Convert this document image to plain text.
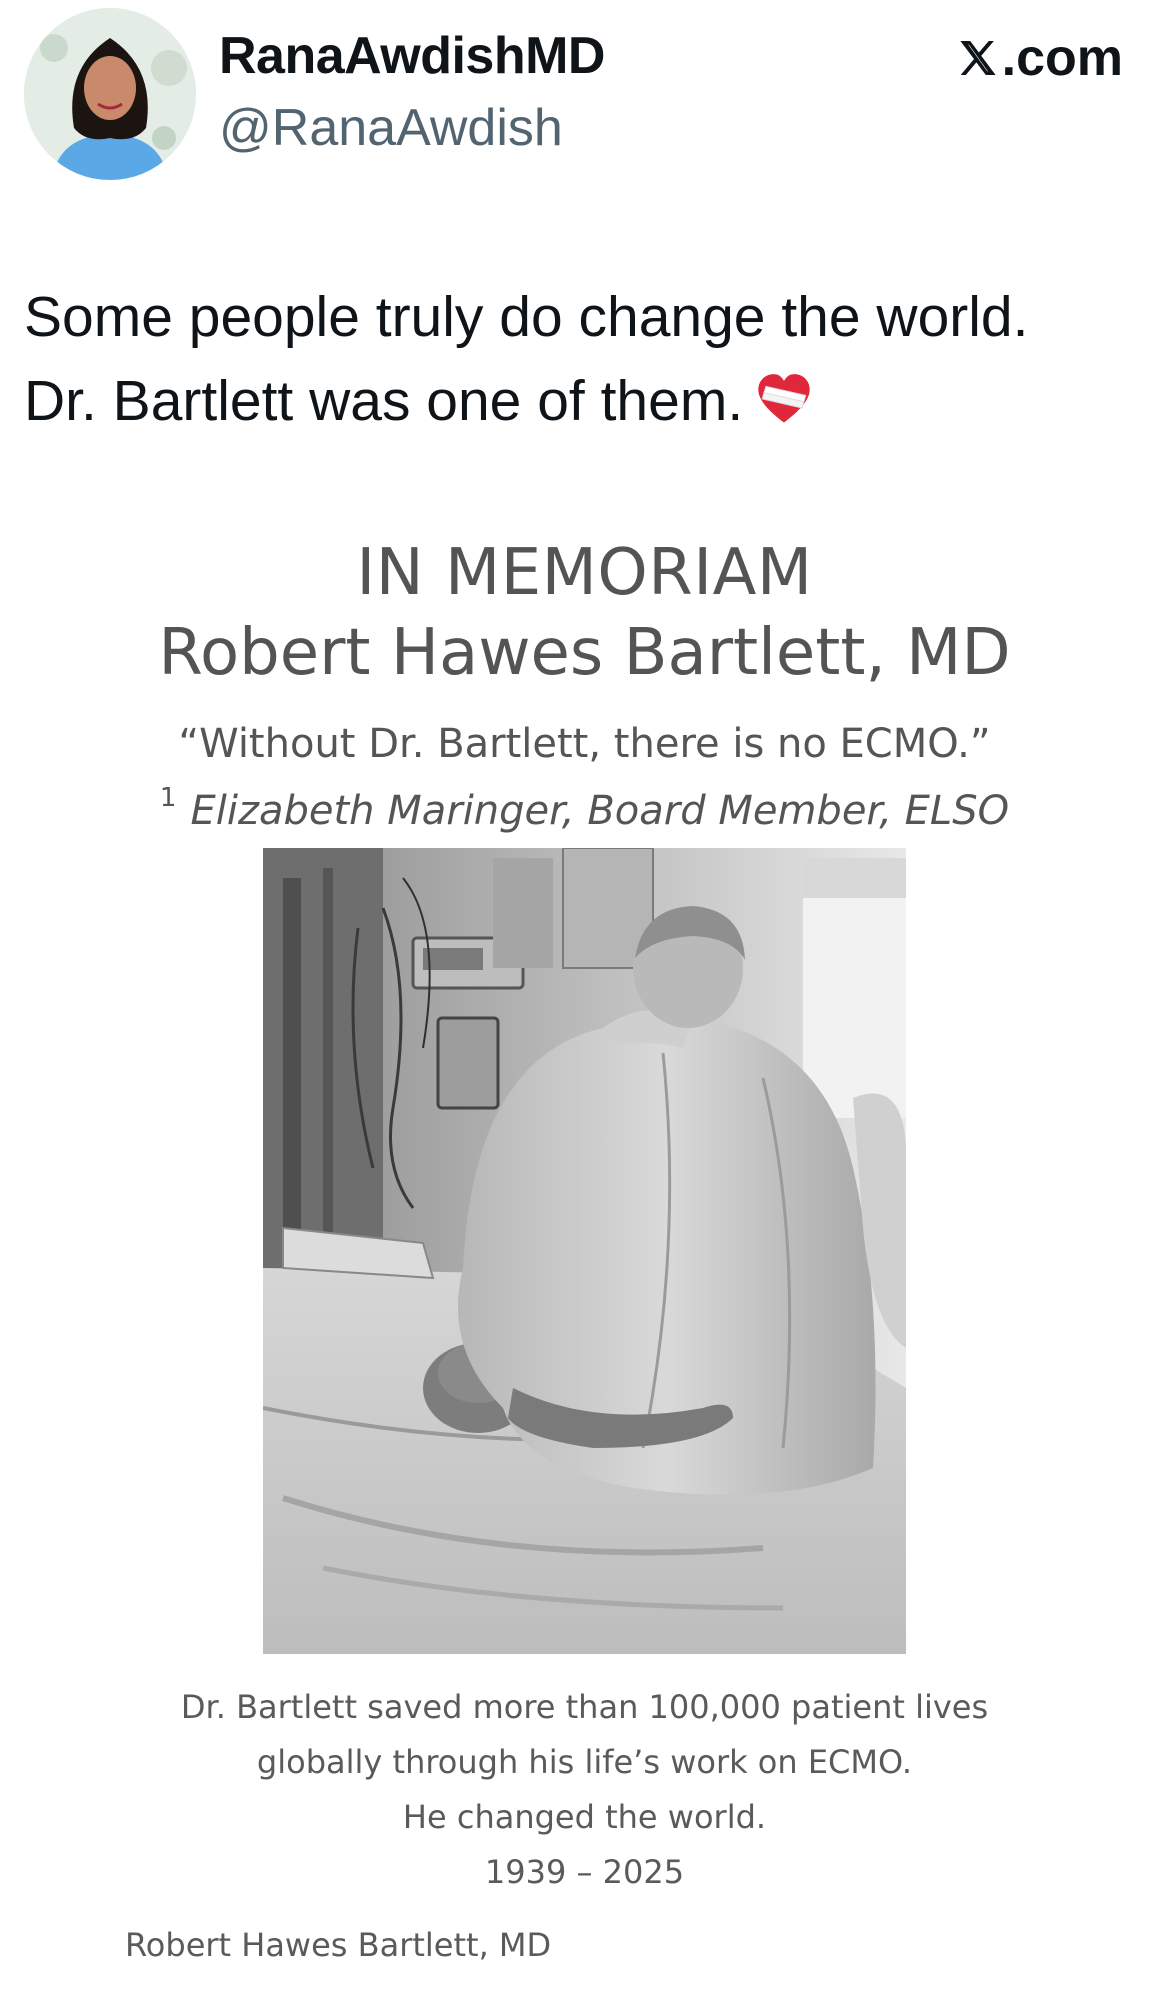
RanaAwdishMD
@RanaAwdish
.com
Some people truly do change the world.
Dr. Bartlett was one of them.
IN MEMORIAM
Robert Hawes Bartlett, MD
“Without Dr. Bartlett, there is no ECMO.”
$^1$ Elizabeth Maringer, Board Member, ELSO
Dr. Bartlett saved more than 100,000 patient lives
globally through his life’s work on ECMO.
He changed the world.
1939 – 2025
Robert Hawes Bartlett, MD
